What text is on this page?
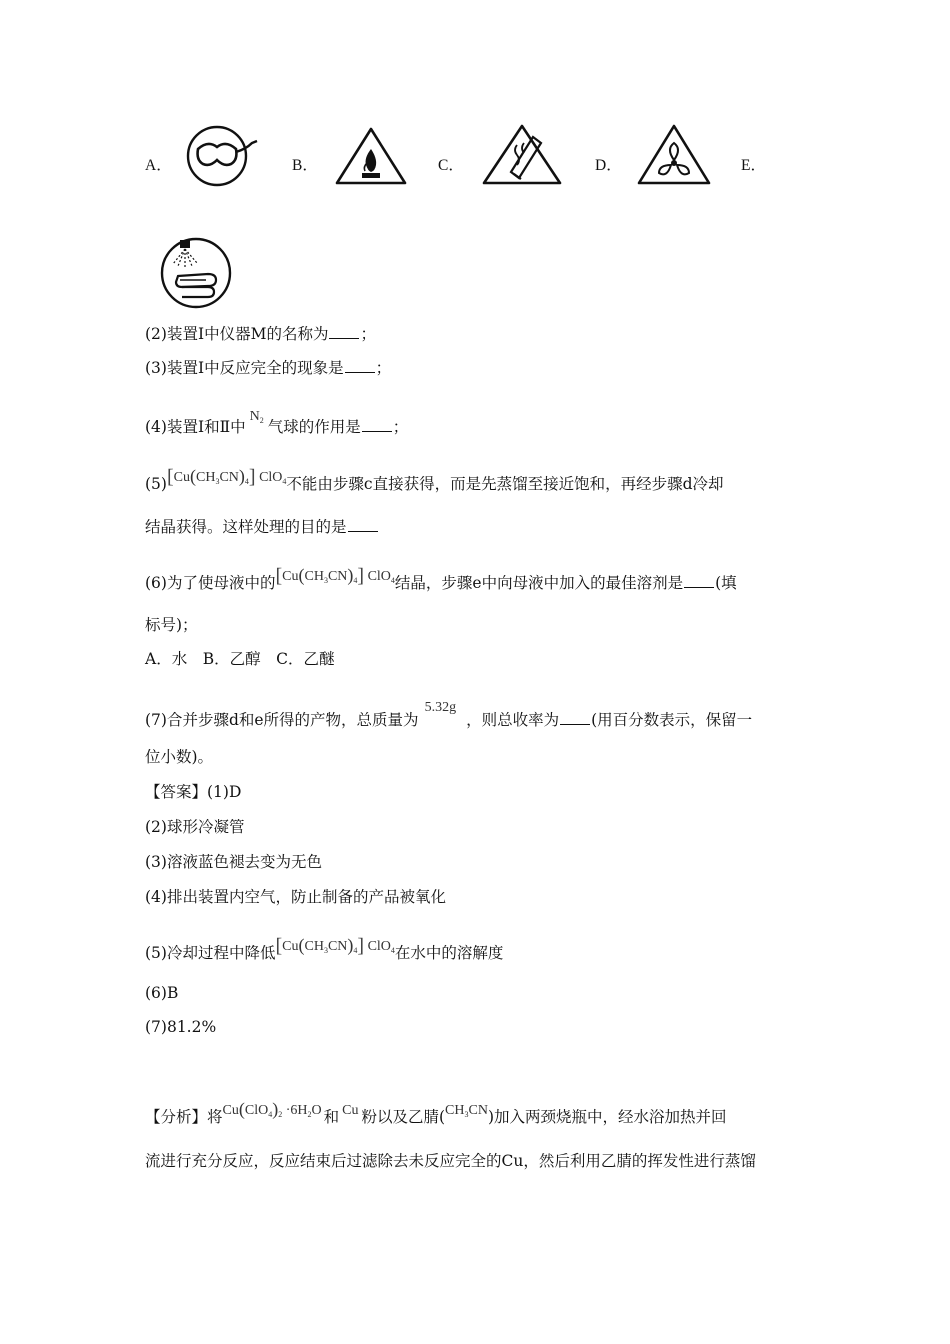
A．	B．	C．	D．	E．
(2)装置Ⅰ中仪器M的名称为 ；
(3)装置Ⅰ中反应完全的现象是 ；
(4)装置Ⅰ和Ⅱ中$N_2$ 气球的作用是 ；
$(5)[Cu(CH_3CN)_4]$ ClO$_4$不能由步骤c直接获得，而是先蒸馏至接近饱和，再经步骤d冷却
结晶获得。这样处理的目的是
(6)为了使母液中的$[Cu(CH_3CN)_4]$ ClO$_4$结晶，步骤e中向母液中加入的最佳溶剂是 (填
标号)；
A．水　B．乙醇　C．乙醚
(7)合并步骤d和e所得的产物，总质量为5.32g，则总收率为 (用百分数表示，保留一
位小数)。
【答案】(1)D
(2)球形冷凝管
(3)溶液蓝色褪去变为无色
(4)排出装置内空气，防止制备的产品被氧化
(5)冷却过程中降低$[Cu(CH_3CN)_4]$ ClO$_4$在水中的溶解度
(6)B
(7)81.2%
【分析】将$Cu(ClO_4)_2 \cdot 6H_2O$ 和 Cu 粉以及乙腈$(CH_3CN)$加入两颈烧瓶中，经水浴加热并回
流进行充分反应，反应结束后过滤除去未反应完全的Cu，然后利用乙腈的挥发性进行蒸馏
